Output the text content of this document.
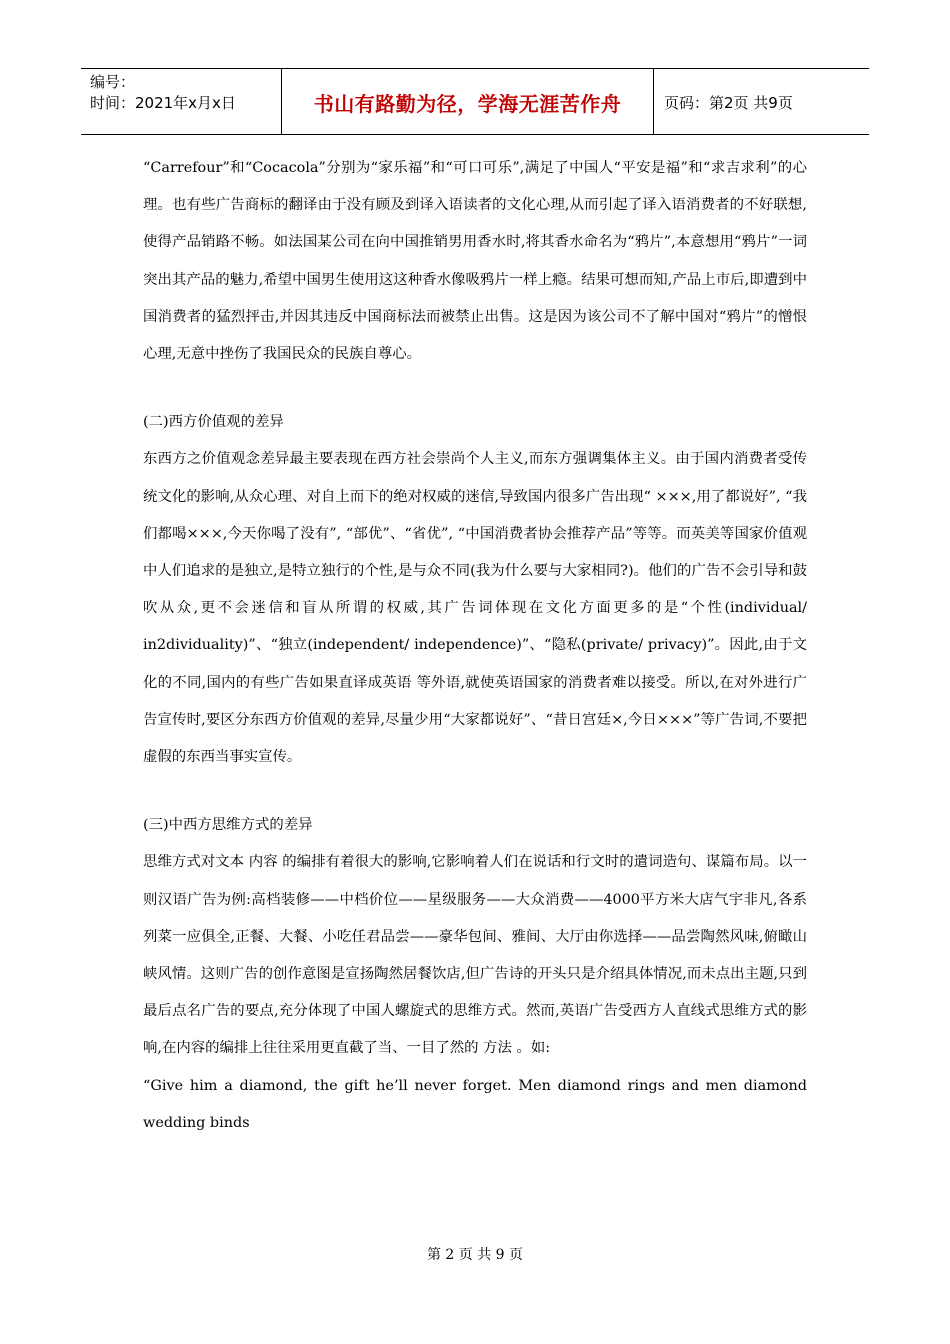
编号：
时间：2021年x月x日	书山有路勤为径，学海无涯苦作舟	页码：第2页 共9页

“Carrefour”和“Cocacola”分别为“家乐福”和“可口可乐”,满足了中国人“平安是福”和“求吉求利”的心理。也有些广告商标的翻译由于没有顾及到译入语读者的文化心理,从而引起了译入语消费者的不好联想,使得产品销路不畅。如法国某公司在向中国推销男用香水时,将其香水命名为“鸦片”,本意想用“鸦片”一词突出其产品的魅力,希望中国男生使用这这种香水像吸鸦片一样上瘾。结果可想而知,产品上市后,即遭到中国消费者的猛烈抨击,并因其违反中国商标法而被禁止出售。这是因为该公司不了解中国对“鸦片”的憎恨心理,无意中挫伤了我国民众的民族自尊心。

(二)西方价值观的差异

东西方之价值观念差异最主要表现在西方社会崇尚个人主义,而东方强调集体主义。由于国内消费者受传统文化的影响,从众心理、对自上而下的绝对权威的迷信,导致国内很多广告出现“ ×××,用了都说好”, “我们都喝×××,今天你喝了没有”, “部优”、“省优”, “中国消费者协会推荐产品”等等。而英美等国家价值观中人们追求的是独立,是特立独行的个性,是与众不同(我为什么要与大家相同?)。他们的广告不会引导和鼓吹从众,更不会迷信和盲从所谓的权威,其广告词体现在文化方面更多的是“个性(individual/ in2dividuality)”、“独立(independent/ independence)”、“隐私(private/ privacy)”。因此,由于文化的不同,国内的有些广告如果直译成英语 等外语,就使英语国家的消费者难以接受。所以,在对外进行广告宣传时,要区分东西方价值观的差异,尽量少用“大家都说好”、“昔日宫廷×,今日×××”等广告词,不要把虚假的东西当事实宣传。

(三)中西方思维方式的差异

思维方式对文本 内容 的编排有着很大的影响,它影响着人们在说话和行文时的遣词造句、谋篇布局。以一则汉语广告为例:高档装修——中档价位——星级服务——大众消费——4000平方米大店气宇非凡,各系列菜一应俱全,正餐、大餐、小吃任君品尝——豪华包间、雅间、大厅由你选择——品尝陶然风味,俯瞰山峡风情。这则广告的创作意图是宣扬陶然居餐饮店,但广告诗的开头只是介绍具体情况,而未点出主题,只到最后点名广告的要点,充分体现了中国人螺旋式的思维方式。然而,英语广告受西方人直线式思维方式的影响,在内容的编排上往往采用更直截了当、一目了然的 方法 。如:

“Give him a diamond, the gift he’ll never forget. Men diamond rings and men diamond wedding binds

第 2 页 共 9 页
